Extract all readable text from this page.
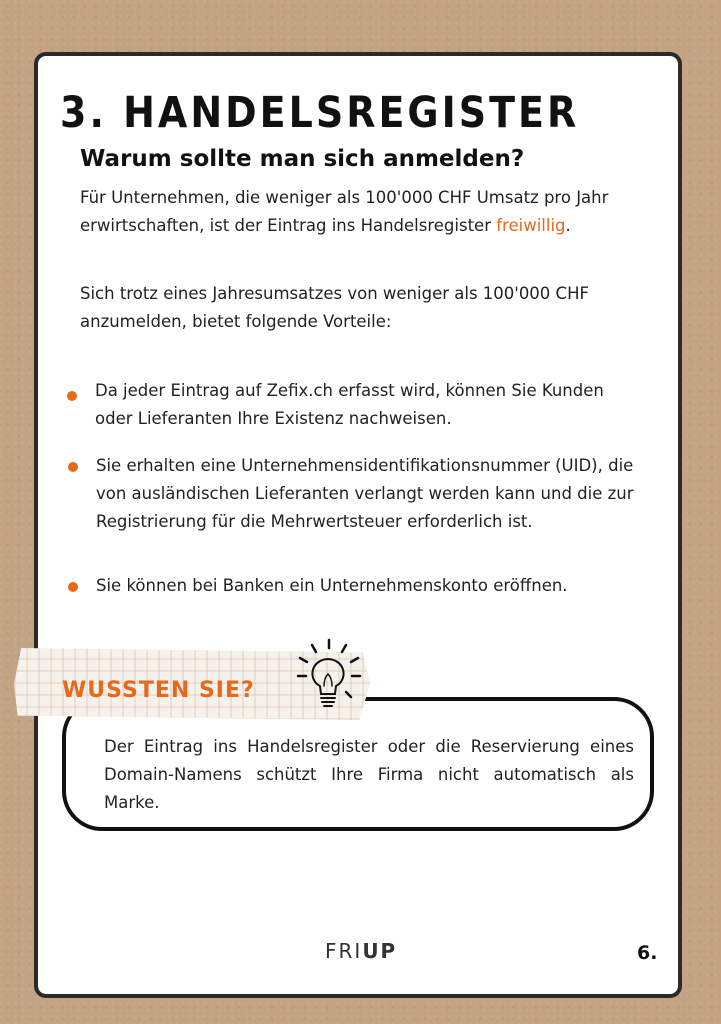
3. HANDELSREGISTER
Warum sollte man sich anmelden?

Für Unternehmen, die weniger als 100'000 CHF Umsatz pro Jahr erwirtschaften, ist der Eintrag ins Handelsregister freiwillig.

Sich trotz eines Jahresumsatzes von weniger als 100'000 CHF anzumelden, bietet folgende Vorteile:

Da jeder Eintrag auf Zefix.ch erfasst wird, können Sie Kunden oder Lieferanten Ihre Existenz nachweisen.

Sie erhalten eine Unternehmensidentifikationsnummer (UID), die von ausländischen Lieferanten verlangt werden kann und die zur Registrierung für die Mehrwertsteuer erforderlich ist.

Sie können bei Banken ein Unternehmenskonto eröffnen.

Der Eintrag ins Handelsregister oder die Reservierung eines Domain-Namens schützt Ihre Firma nicht automatisch als Marke.

WUSSTEN SIE?

FRIUP	6.
